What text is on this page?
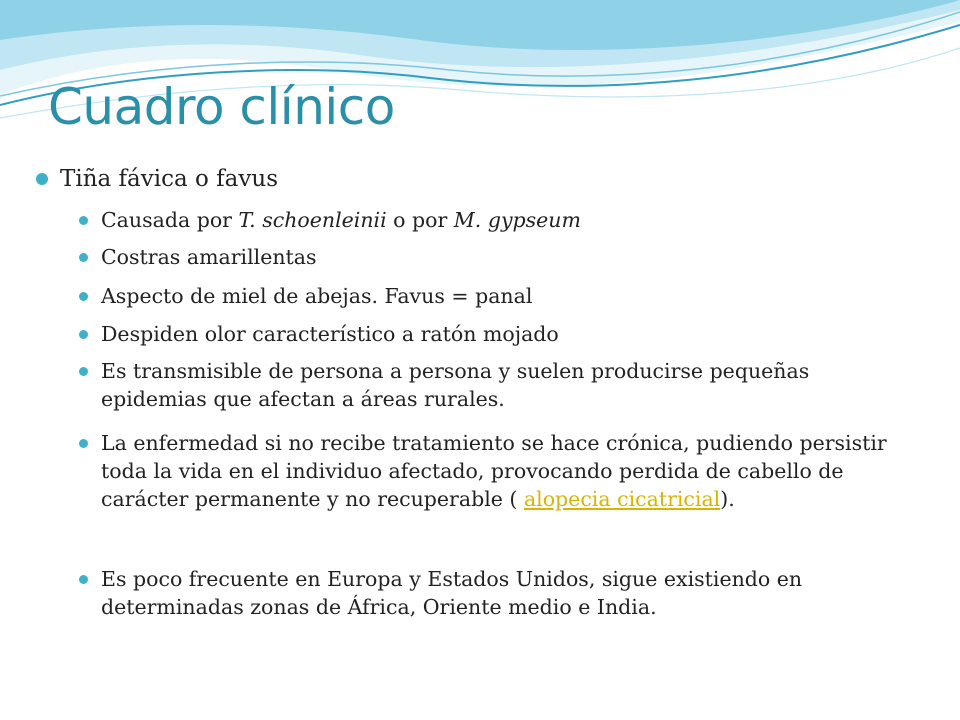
Cuadro clínico
Tiña fávica o favus
Causada por T. schoenleinii o por M. gypseum
Costras amarillentas
Aspecto de miel de abejas. Favus = panal
Despiden olor característico a ratón mojado
Es transmisible de persona a persona y suelen producirse pequeñas epidemias que afectan a áreas rurales.
La enfermedad si no recibe tratamiento se hace crónica, pudiendo persistir toda la vida en el individuo afectado, provocando perdida de cabello de carácter permanente y no recuperable ( alopecia cicatricial).
Es poco frecuente en Europa y Estados Unidos, sigue existiendo en determinadas zonas de África, Oriente medio e India.
